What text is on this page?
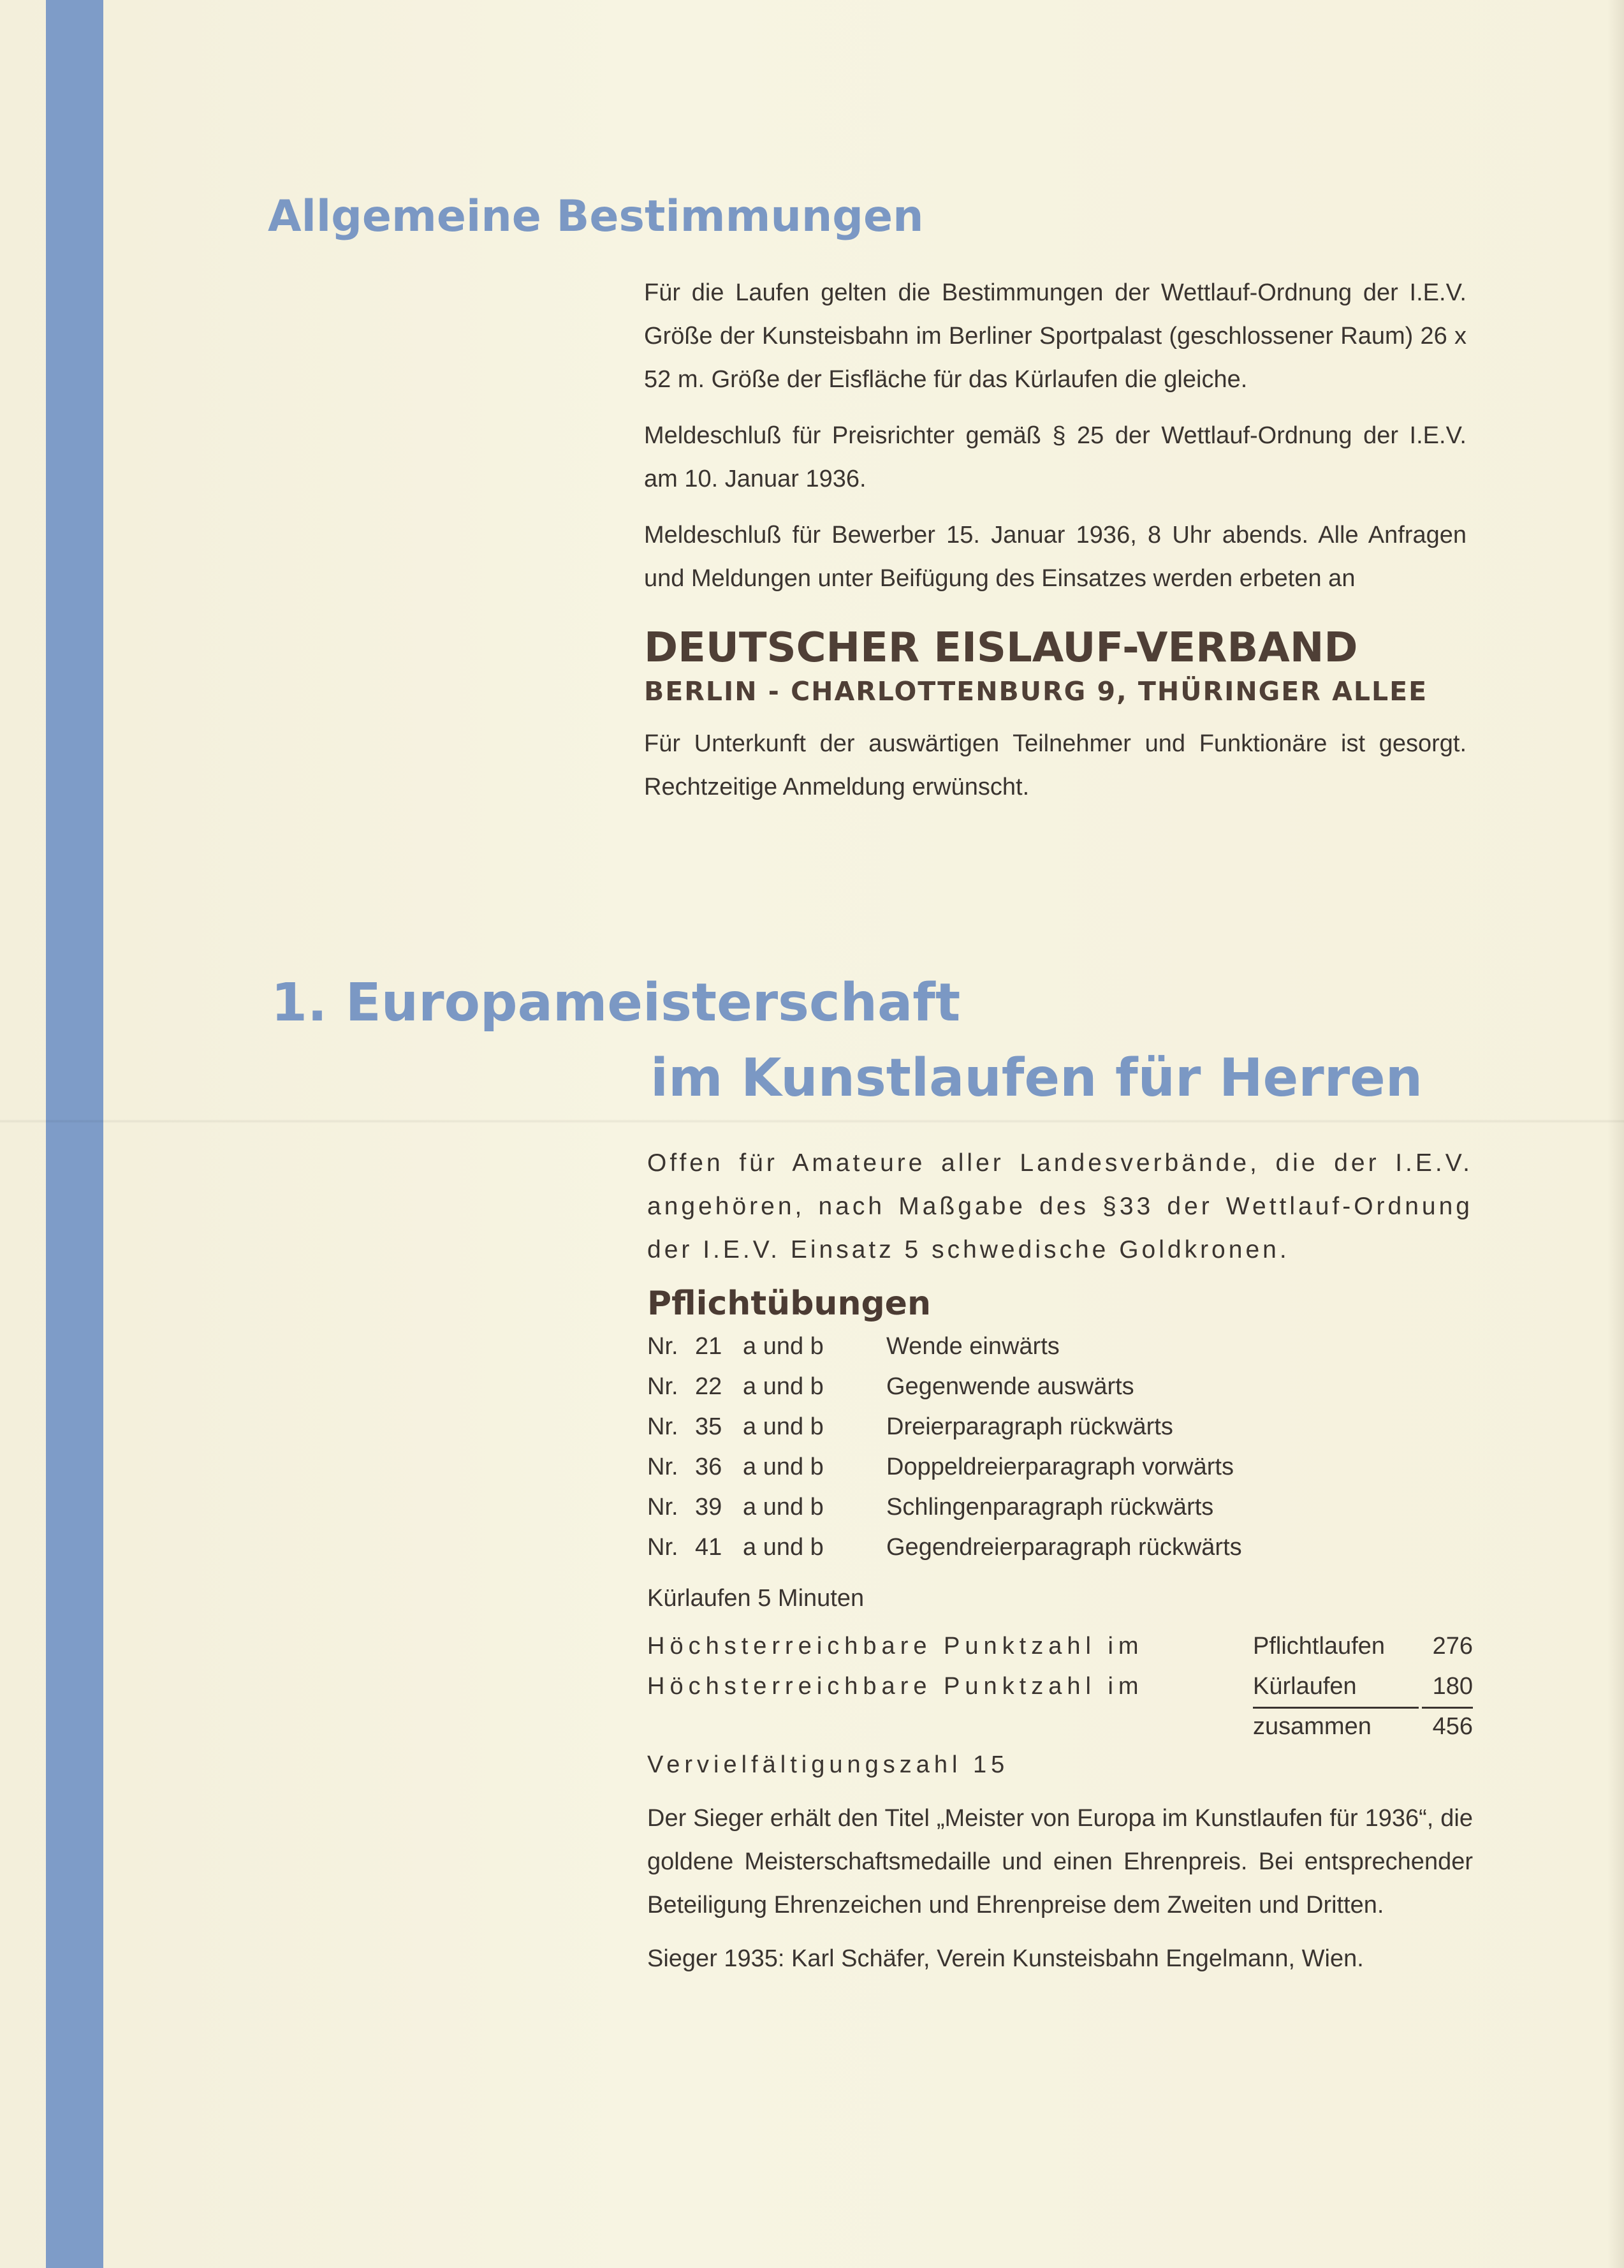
Allgemeine Bestimmungen

Für die Laufen gelten die Bestimmungen der Wettlauf-Ordnung der I.E.V. Größe der Kunsteisbahn im Berliner Sportpalast (geschlossener Raum) 26 x 52 m. Größe der Eisfläche für das Kürlaufen die gleiche.

Meldeschluß für Preisrichter gemäß § 25 der Wettlauf-Ordnung der I.E.V. am 10. Januar 1936.

Meldeschluß für Bewerber 15. Januar 1936, 8 Uhr abends. Alle Anfragen und Meldungen unter Beifügung des Einsatzes werden erbeten an

DEUTSCHER EISLAUF-VERBAND

BERLIN - CHARLOTTENBURG 9, THÜRINGER ALLEE

Für Unterkunft der auswärtigen Teilnehmer und Funktionäre ist gesorgt. Rechtzeitige Anmeldung erwünscht.

1. Europameisterschaft
im Kunstlaufen für Herren

Offen für Amateure aller Landesverbände, die der I.E.V. angehören, nach Maßgabe des §33 der Wettlauf-Ordnung der I.E.V. Einsatz 5 schwedische Goldkronen.

Pflichtübungen

Nr.	21	a und b	Wende einwärts
Nr.	22	a und b	Gegenwende auswärts
Nr.	35	a und b	Dreierparagraph rückwärts
Nr.	36	a und b	Doppeldreierparagraph vorwärts
Nr.	39	a und b	Schlingenparagraph rückwärts
Nr.	41	a und b	Gegendreierparagraph rückwärts

Kürlaufen 5 Minuten

Höchsterreichbare Punktzahl im	Pflichtlaufen 276
Höchsterreichbare Punktzahl im	Kürlaufen	180
zusammen	456

Vervielfältigungszahl 15

Der Sieger erhält den Titel „Meister von Europa im Kunstlaufen für 1936“, die goldene Meisterschaftsmedaille und einen Ehrenpreis. Bei entsprechender Beteiligung Ehrenzeichen und Ehrenpreise dem Zweiten und Dritten.

Sieger 1935: Karl Schäfer, Verein Kunsteisbahn Engelmann, Wien.
